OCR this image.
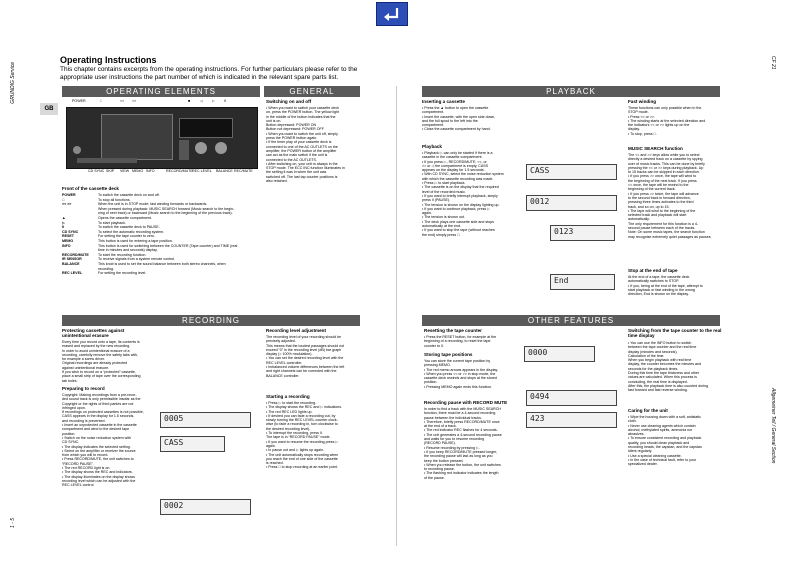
GRUNDIG Service
1 - 5
CF 21
Allgemeiner Teil / General Section
GB
Operating Instructions
This chapter contains excerpts from the operating instructions. For further particulars please refer to the
appropriate user instructions the part number of which is indicated in the relevant spare parts list.
OPERATING ELEMENTS	GENERAL	PLAYBACK
RECORDING	OTHER FEATURES
POWER	□	<< >>	■	◁	▷	II
CD SYNC SKIP VIEW MEMO INFO	RECORD/MUTE REC LEVEL BALANCE REC/MUTE
Front of the cassette deck
POWER	To switch the cassette deck on and off.
□	To stop all functions.
<< >>	When the unit is in STOP mode: fast winding forwards or backwards.
When pressed during playback: MUSIC SEARCH forward (Music search to the begin-
ning of next track) or backward (Music search to the beginning of the previous track).
▲	Opens the cassette compartment.
▷	To start playback.
II	To switch the cassette deck to PAUSE.
CD SYNC	To select the automatic recording system.
RESET	For setting the tape counter to zero.
MEMO	This button is used for entering a tape position.
INFO	This button is used for switching between the COUNTER (Tape counter) and TIME (real
time in minutes and seconds) display.
RECORD/MUTE	To start the recording function.
IR SENSOR	To receive signals from a system remote control.
BALANCE	This knob is used to set the sound balance between both stereo channels, when
recording.
REC LEVEL	For setting the recording level.
Switching on and off
• When you want to switch your cassette deck
on, press the POWER button. The yellow light
in the middle of the button indicates that the
unit is on.
Button depressed: POWER ON
Button not depressed: POWER OFF
• When you want to switch the unit off, simply
press the POWER button again.
• If the timer play of your cassette deck is
connected to one of the AC OUTLETS on the
amplifier, the POWER button of the amplifier
can act as the main switch if the unit is
connected to the AC OUTLETS.
• After switching on, your unit is always in the
STOP mode. The ECC INC function illuminates in
the setting it was in when the unit was
switched off. The last tap counter positions is
also retained.
Inserting a cassette
• Press the ▲ button to open the cassette
compartment.
• Insert the cassette, with the open side down,
and the full spool to the left into the
compartment.
• Close the cassette compartment by hand.
Playback
• Playback ▷ can only be started if there is a
cassette in the cassette compartment.
• If you press ▷, RECORD/MUTE, <<, or
>> or ◁ the compartment is empty, CASS
appears on the display for 1.5 seconds.
• With CD SYNC, select the noise reduction system
with which the cassette recording was made.
• Press ▷ to start playback.
• The cassette is on the display that the required
level of the recorded music.
• If you want to briefly interrupt playback, simply
press II (PAUSE).
• The tension is shown on the display lighting up.
• If you want to continue playback, press ▷
again.
• The tension is shown out.
• The deck plays one cassette side and stops
automatically at the end.
• If you want to stop the tape (without reaches
the end) simply press □.
CASS
0012
0123
End
Fast winding
These functions can only possible when in the
STOP mode.
• Press << or >>.
• The winding starts at the selected direction and
the indicators << or >> lights up on the
display.
• To stop, press □.
MUSIC SEARCH function
The << and >> keys allow while you to select
directly a desired track on a cassette by spying
over of music tracks. This can be done by briefly
pressing the << or >> keys during playback. Up
to 15 tracks can be skipped in each direction.
• If you press >> once, the tape will wind to
the beginning of the next track. If you press
<< once, the tape will be rewind to the
beginning of the current track.
• If you press >> twice, the tape will advance
to the second track in forward direction,
pressing three times activates to the third
track, and so on, up to 15.
• The tape will wind to the beginning of the
selected track and playback will start
automatically.
The only requirement for this function is a 4-
second pause between each of the tracks.
Note: On some music tapes, the search function
may recognise extremely quiet passages as pauses.
Stop at the end of tape
At the end of a tape, the cassette deck
automatically switches to STOP.
• If you, being at the end of the tape, attempt to
start playback or fast winding in the wrong
direction, End is shown on the display.
Protecting cassettes against unintentional erasure
Every time you record onto a tape, its contents is
erased and replaced by the new recording.
In order to avoid unintentional erasure of a
recording, carefully remove the safety tabs with,
for example a screw driver.
Original recordings are already protected
against unintentional erasure.
If you wish to record on a “protected” cassette,
place a small strip of tape over the corresponding
tab holes.
Preparing to record
Copyright: Making recordings from a pre-recor-
ded sound track is only permissible insofar as the
Copyright or the rights of third parties are not
infringed upon.
If recordings on protected cassettes is not possible,
CASS appears in the display for 1.5 seconds,
and recording is prevented.
• Insert an unprotected cassette in the cassette
compartment and wind to the desired tape
position.
• Switch on the noise reduction system with
CD SYNC.
• The display indicates the selected setting.
• Select on the amplifier or receiver the source
from which you will to record.
• Press RECORD/MUTE, the unit switches to
“RECORD PAUSE”.
• The red RECORD light is on.
• The display shows the REC and indicators.
• The display illuminates on the display shows
recording level which can be adjusted with the
REC LEVEL control.
0005
CASS
0002
Recording level adjustment
The recording level of your recording should be
precisely adjusted.
This means that the loudest passages should not
exceed “0” in the recording level (dB) bar graph
display (= 100% modulation).
• You can set the desired recording level with the
REC LEVEL controller.
• Imbalanced volume differences between the left
and right channels can be corrected with the
BALANCE controller.
Starting a recording
• Press ▷ to start the recording.
• The display shows the REC and ▷ indications.
• The red REC LED lights up.
• If desired you can fade a recording out, by
slowly turning the REC LEVEL counter clock-
wise (to fade a recording in, turn clockwise to
the desired recording level).
• To interrupt the recording, press II.
The tape is in “RECORD PAUSE” mode.
• If you want to resume the recording press ▷
again.
• In pause out and ▷ lights up again.
• The unit automatically stops recording when
you reach the end of one side of the cassette
is reached.
• Press □ to stop recording at an earlier point.
Resetting the tape counter
• Press the RESET button, for example at the
beginning of a recording, to reset the tape
counter to 0.
0000
Storing tape positions
You can store the current tape position by
pressing MEMO.
• The red memo arrows appears in the display.
• When you press << or >> in stop mode, the
cassette deck rewinds and stops at the stored
position.
• Pressing MEMO again ends this function.
Recording pause with RECORD MUTE
In order to find a track with the MUSIC SEARCH
function, there must be a 4-second recording
pause between the individual tracks.
• Therefore, briefly press RECORD/MUTE once
at the end of a track.
• The red indicator REC flashes for 4 seconds.
• The unit generates a 4-second recording pause
and waits for you to resume recording
(RECORD PAUSE).
• Resume recording by pressing ▷.
• If you keep RECORD/MUTE pressed longer,
the recording pause will last as long as you
keep the button pressed.
• When you release the button, the unit switches
to recording pause.
• The flashing red indicator indicates the length
of the pause.
0494
423
Switching from the tape counter to the real time display
• You can use the INFO button to switch
between the tape counter and the real time
display (minutes and seconds).
Calculation of the time
When you begin playback with real time
display, the counter becomes the minutes and
seconds for the playback times.
During this time the tape thickness and other
values are calculated. When this process is
concluding, the real time is displayed.
After this, the playback time is also counted during
fast forward and fast reverse winding.
Caring for the unit
• Wipe the housing down with a soft, antistatic
cloth.
• Never use cleaning agents which contain
alcohol, methylated spirits, ammonia nor
abrasives.
• To ensure consistent recording and playback
quality, you should clean playback and
recording heads, the capstan, and the capstan
idlers regularly.
• Use a special cleaning cassette.
• In the case of technical fault, refer to your
specialized dealer.
